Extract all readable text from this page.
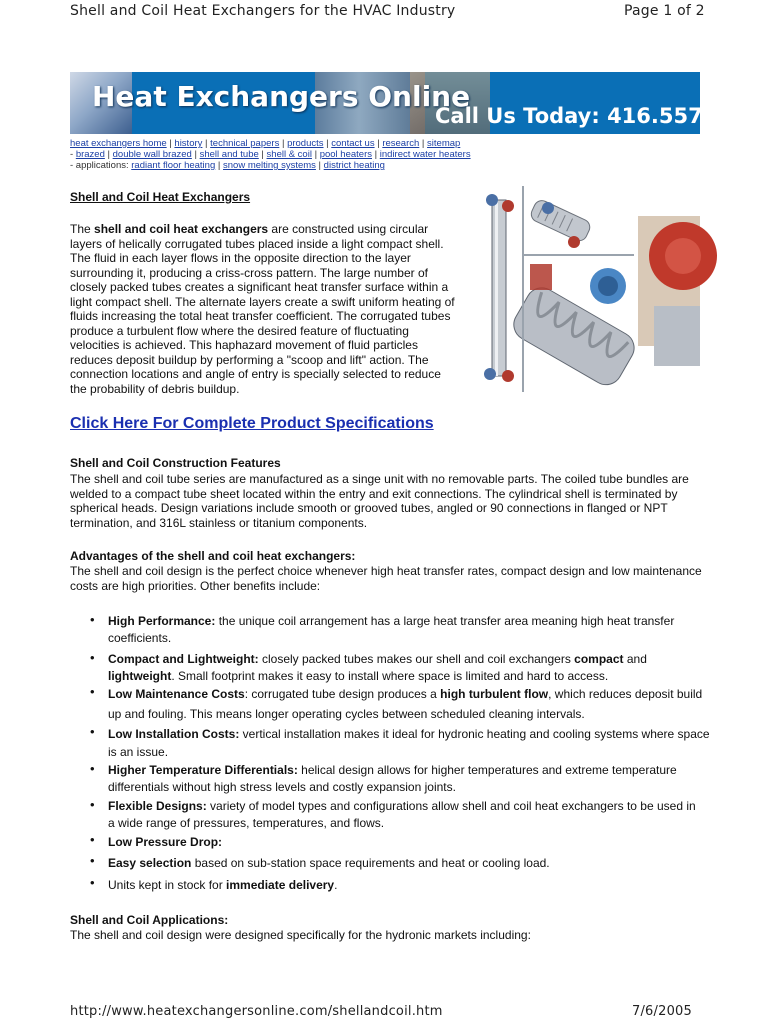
Shell and Coil Heat Exchangers for the HVAC Industry	Page 1 of 2
Heat Exchangers Online
Call Us Today: 416.557.10
heat exchangers home | history | technical papers | products | contact us | research | sitemap
- brazed | double wall brazed | shell and tube | shell & coil | pool heaters | indirect water heaters
- applications: radiant floor heating | snow melting systems | district heating
Shell and Coil Heat Exchangers
The shell and coil heat exchangers are constructed using circular
layers of helically corrugated tubes placed inside a light compact shell.
The fluid in each layer flows in the opposite direction to the layer
surrounding it, producing a criss-cross pattern. The large number of
closely packed tubes creates a significant heat transfer surface within a
light compact shell. The alternate layers create a swift uniform heating of
fluids increasing the total heat transfer coefficient. The corrugated tubes
produce a turbulent flow where the desired feature of fluctuating
velocities is achieved. This haphazard movement of fluid particles
reduces deposit buildup by performing a "scoop and lift" action. The
connection locations and angle of entry is specially selected to reduce
the probability of debris buildup.
Click Here For Complete Product Specifications
Shell and Coil Construction Features
The shell and coil tube series are manufactured as a singe unit with no removable parts. The coiled tube bundles are
welded to a compact tube sheet located within the entry and exit connections. The cylindrical shell is terminated by
spherical heads. Design variations include smooth or grooved tubes, angled or 90 connections in flanged or NPT
termination, and 316L stainless or titanium components.
Advantages of the shell and coil heat exchangers:
The shell and coil design is the perfect choice whenever high heat transfer rates, compact design and low maintenance
costs are high priorities. Other benefits include:
• High Performance: the unique coil arrangement has a large heat transfer area meaning high heat transfer
coefficients.
• Compact and Lightweight: closely packed tubes makes our shell and coil exchangers compact and
lightweight. Small footprint makes it easy to install where space is limited and hard to access.
• Low Maintenance Costs: corrugated tube design produces a high turbulent flow, which reduces deposit build
up and fouling. This means longer operating cycles between scheduled cleaning intervals.
• Low Installation Costs: vertical installation makes it ideal for hydronic heating and cooling systems where space
is an issue.
• Higher Temperature Differentials: helical design allows for higher temperatures and extreme temperature
differentials without high stress levels and costly expansion joints.
• Flexible Designs: variety of model types and configurations allow shell and coil heat exchangers to be used in
a wide range of pressures, temperatures, and flows.
• Low Pressure Drop:
• Easy selection based on sub-station space requirements and heat or cooling load.
• Units kept in stock for immediate delivery.
Shell and Coil Applications:
The shell and coil design were designed specifically for the hydronic markets including:
http://www.heatexchangersonline.com/shellandcoil.htm	7/6/2005
